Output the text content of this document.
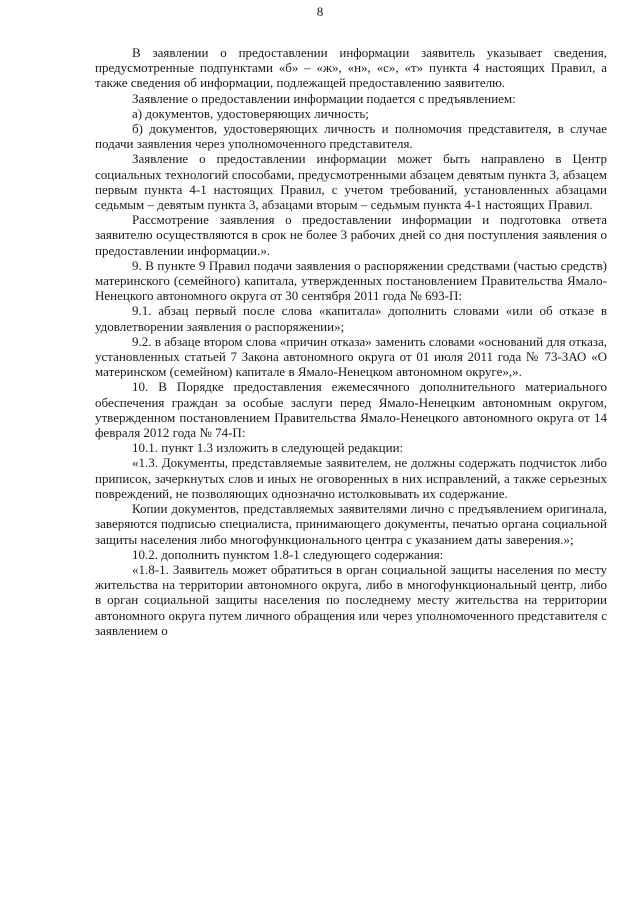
8

В заявлении о предоставлении информации заявитель указывает сведения, предусмотренные подпунктами «б» – «ж», «н», «с», «т» пункта 4 настоящих Правил, а также сведения об информации, подлежащей предоставлению заявителю.

Заявление о предоставлении информации подается с предъявлением:

а) документов, удостоверяющих личность;

б) документов, удостоверяющих личность и полномочия представителя, в случае подачи заявления через уполномоченного представителя.

Заявление о предоставлении информации может быть направлено в Центр социальных технологий способами, предусмотренными абзацем девятым пункта 3, абзацем первым пункта 4-1 настоящих Правил, с учетом требований, установленных абзацами седьмым – девятым пункта 3, абзацами вторым – седьмым пункта 4-1 настоящих Правил.

Рассмотрение заявления о предоставлении информации и подготовка ответа заявителю осуществляются в срок не более 3 рабочих дней со дня поступления заявления о предоставлении информации.».

9. В пункте 9 Правил подачи заявления о распоряжении средствами (частью средств) материнского (семейного) капитала, утвержденных постановлением Правительства Ямало-Ненецкого автономного округа от 30 сентября 2011 года № 693-П:

9.1. абзац первый после слова «капитала» дополнить словами «или об отказе в удовлетворении заявления о распоряжении»;

9.2. в абзаце втором слова «причин отказа» заменить словами «оснований для отказа, установленных статьей 7 Закона автономного округа от 01 июля 2011 года № 73-ЗАО «О материнском (семейном) капитале в Ямало-Ненецком автономном округе»,».

10. В Порядке предоставления ежемесячного дополнительного материального обеспечения граждан за особые заслуги перед Ямало-Ненецким автономным округом, утвержденном постановлением Правительства Ямало-Ненецкого автономного округа от 14 февраля 2012 года № 74-П:

10.1. пункт 1.3 изложить в следующей редакции:

«1.3. Документы, представляемые заявителем, не должны содержать подчисток либо приписок, зачеркнутых слов и иных не оговоренных в них исправлений, а также серьезных повреждений, не позволяющих однозначно истолковывать их содержание.

Копии документов, представляемых заявителями лично с предъявлением оригинала, заверяются подписью специалиста, принимающего документы, печатью органа социальной защиты населения либо многофункционального центра с указанием даты заверения.»;

10.2. дополнить пунктом 1.8-1 следующего содержания:

«1.8-1. Заявитель может обратиться в орган социальной защиты населения по месту жительства на территории автономного округа, либо в многофункциональный центр, либо в орган социальной защиты населения по последнему месту жительства на территории автономного округа путем личного обращения или через уполномоченного представителя с заявлением о
